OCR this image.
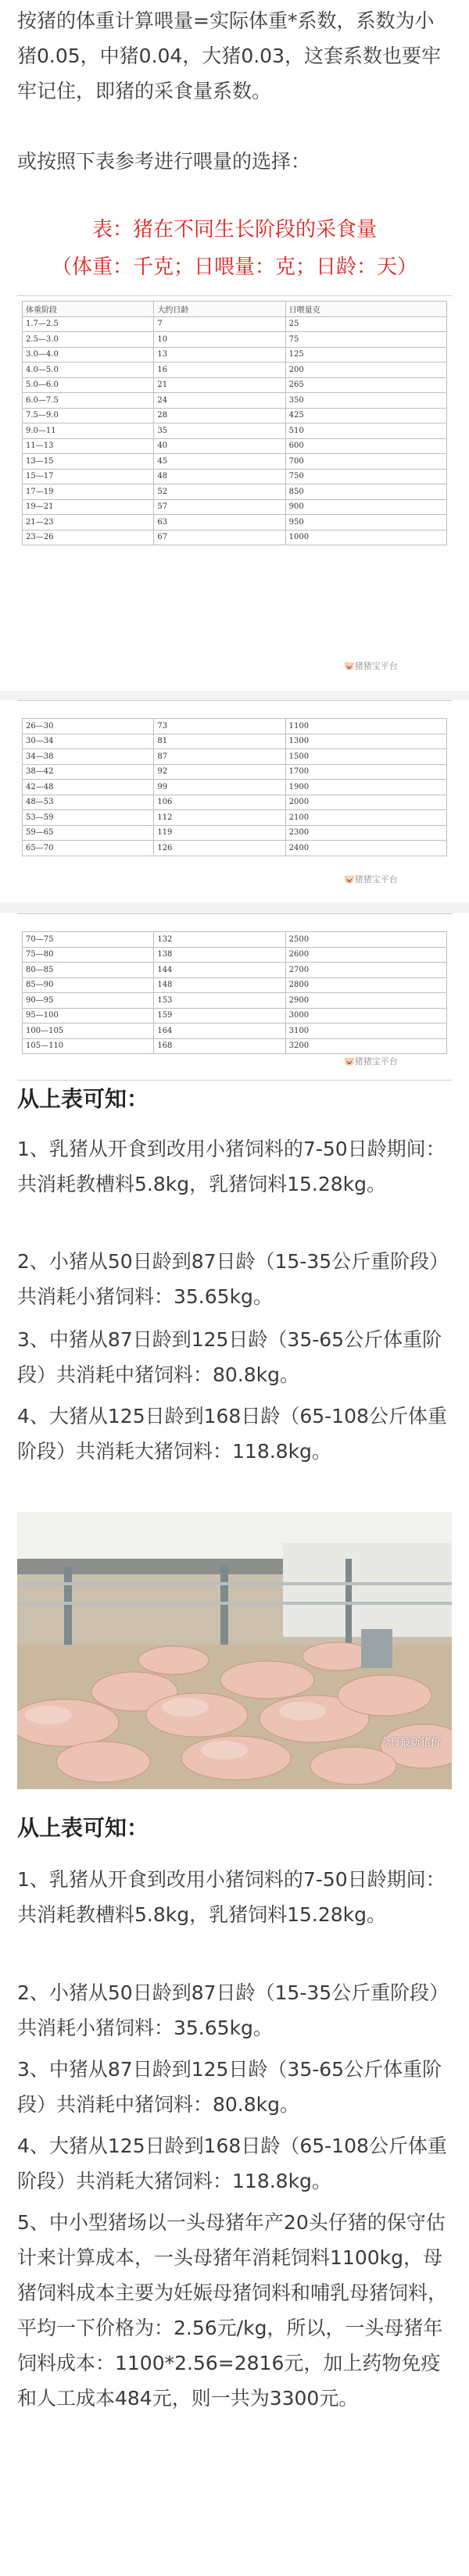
按猪的体重计算喂量=实际体重*系数，系数为小猪0.05，中猪0.04，大猪0.03，这套系数也要牢牢记住，即猪的采食量系数。
或按照下表参考进行喂量的选择：
表：猪在不同生长阶段的采食量
（体重：千克；日喂量：克；日龄：天）
体重阶段	大约日龄	日喂量克
1.7—2.5	7	25
2.5—3.0	10	75
3.0—4.0	13	125
4.0—5.0	16	200
5.0—6.0	21	265
6.0—7.5	24	350
7.5—9.0	28	425
9.0—11	35	510
11—13	40	600
13—15	45	700
15—17	48	750
17—19	52	850
19—21	57	900
21—23	63	950
23—26	67	1000
🐷猪猪宝平台
26—30	73	1100
30—34	81	1300
34—38	87	1500
38—42	92	1700
42—48	99	1900
48—53	106	2000
53—59	112	2100
59—65	119	2300
65—70	126	2400
🐷猪猪宝平台
70—75	132	2500
75—80	138	2600
80—85	144	2700
85—90	148	2800
90—95	153	2900
95—100	159	3000
100—105	164	3100
105—110	168	3200
🐷猪猪宝平台
从上表可知：
1、乳猪从开食到改用小猪饲料的7-50日龄期间：共消耗教槽料5.8kg，乳猪饲料15.28kg。
2、小猪从50日龄到87日龄（15-35公斤重阶段）共消耗小猪饲料：35.65kg。
3、中猪从87日龄到125日龄（35-65公斤体重阶段）共消耗中猪饲料：80.8kg。
4、大猪从125日龄到168日龄（65-108公斤体重阶段）共消耗大猪饲料：118.8kg。
今日最新猪价
从上表可知：
1、乳猪从开食到改用小猪饲料的7-50日龄期间：共消耗教槽料5.8kg，乳猪饲料15.28kg。
2、小猪从50日龄到87日龄（15-35公斤重阶段）共消耗小猪饲料：35.65kg。
3、中猪从87日龄到125日龄（35-65公斤体重阶段）共消耗中猪饲料：80.8kg。
4、大猪从125日龄到168日龄（65-108公斤体重阶段）共消耗大猪饲料：118.8kg。
5、中小型猪场以一头母猪年产20头仔猪的保守估计来计算成本，一头母猪年消耗饲料1100kg，母猪饲料成本主要为妊娠母猪饲料和哺乳母猪饲料，平均一下价格为：2.56元/kg，所以，一头母猪年饲料成本：1100*2.56=2816元，加上药物免疫和人工成本484元，则一共为3300元。
